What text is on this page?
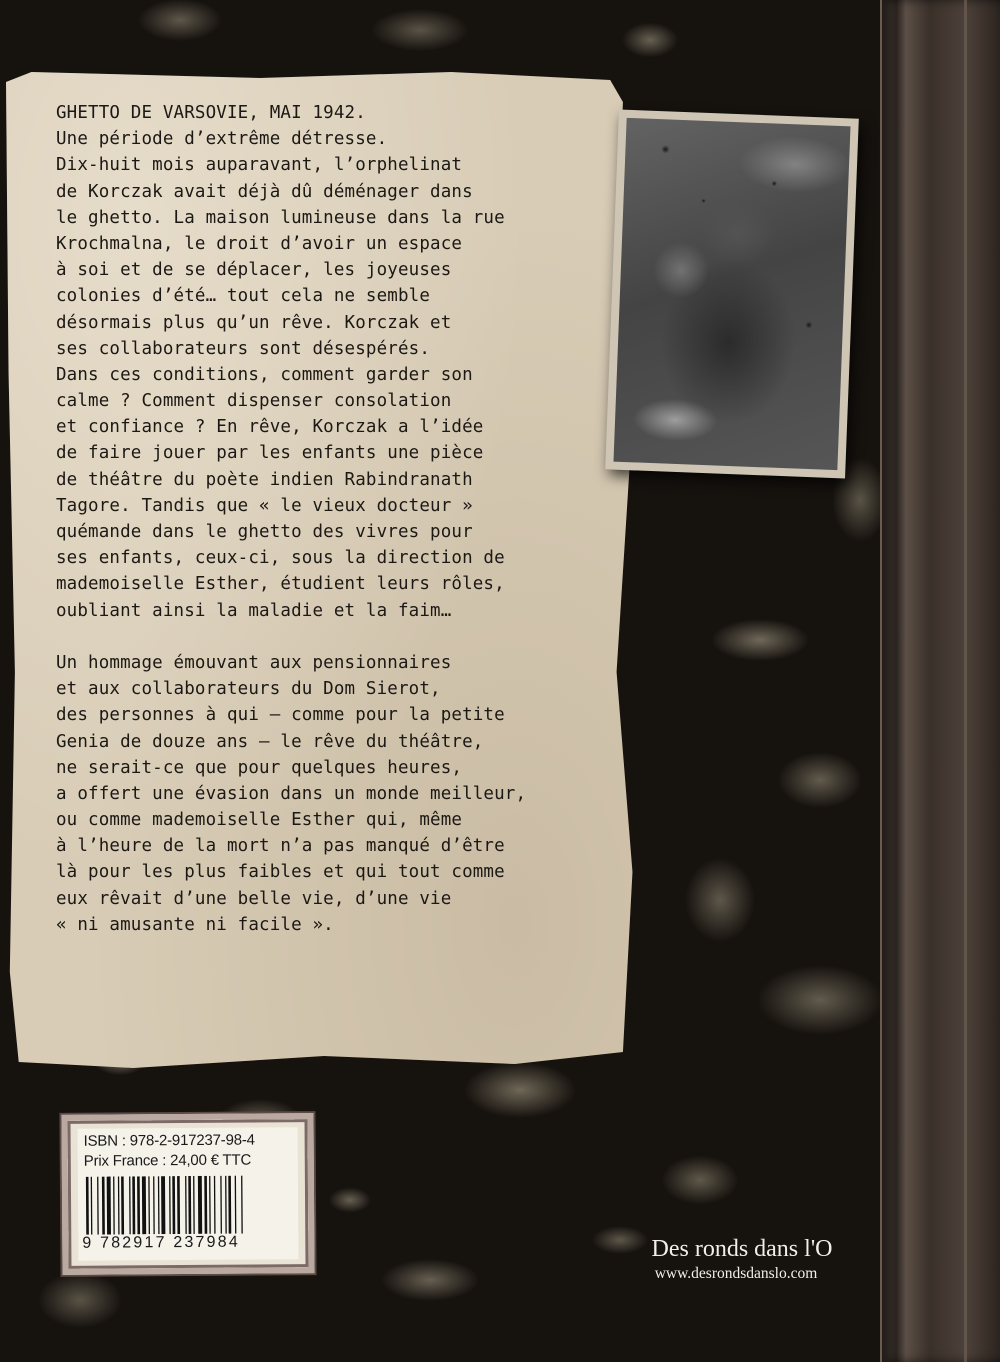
GHETTO DE VARSOVIE, MAI 1942.
Une période d’extrême détresse.
Dix-huit mois auparavant, l’orphelinat
de Korczak avait déjà dû déménager dans
le ghetto. La maison lumineuse dans la rue
Krochmalna, le droit d’avoir un espace
à soi et de se déplacer, les joyeuses
colonies d’été… tout cela ne semble
désormais plus qu’un rêve. Korczak et
ses collaborateurs sont désespérés.
Dans ces conditions, comment garder son
calme ? Comment dispenser consolation
et confiance ? En rêve, Korczak a l’idée
de faire jouer par les enfants une pièce
de théâtre du poète indien Rabindranath
Tagore. Tandis que « le vieux docteur »
quémande dans le ghetto des vivres pour
ses enfants, ceux-ci, sous la direction de
mademoiselle Esther, étudient leurs rôles,
oubliant ainsi la maladie et la faim…
Un hommage émouvant aux pensionnaires
et aux collaborateurs du Dom Sierot,
des personnes à qui – comme pour la petite
Genia de douze ans – le rêve du théâtre,
ne serait-ce que pour quelques heures,
a offert une évasion dans un monde meilleur,
ou comme mademoiselle Esther qui, même
à l’heure de la mort n’a pas manqué d’être
là pour les plus faibles et qui tout comme
eux rêvait d’une belle vie, d’une vie
« ni amusante ni facile ».
ISBN : 978-2-917237-98-4
Prix France : 24,00 € TTC
9 782917 237984	Des ronds dans l'O
www.desrondsdanslo.com
